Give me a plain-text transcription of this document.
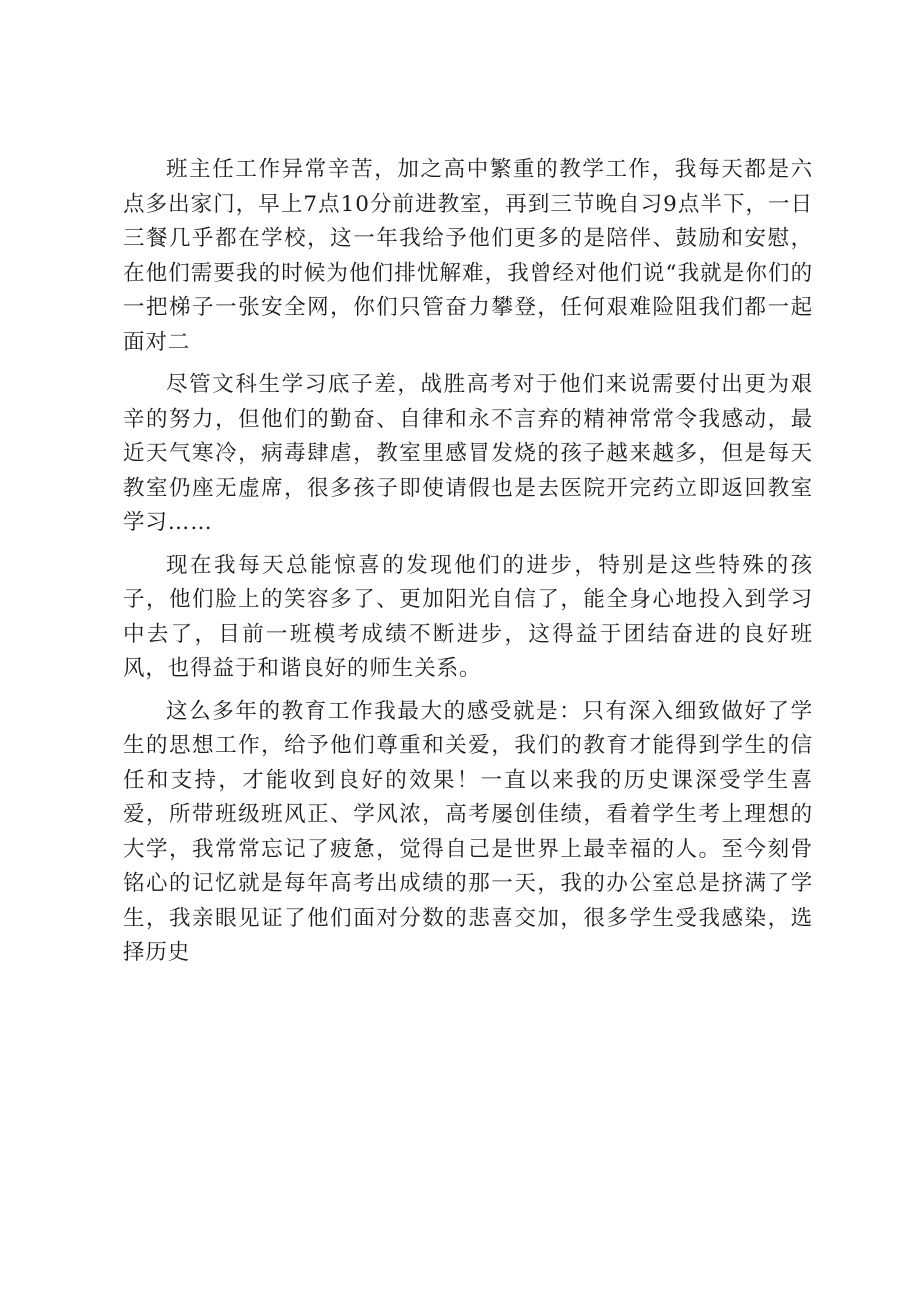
班主任工作异常辛苦，加之高中繁重的教学工作，我每天都是六点多出家门，早上7点10分前进教室，再到三节晚自习9点半下，一日三餐几乎都在学校，这一年我给予他们更多的是陪伴、鼓励和安慰，在他们需要我的时候为他们排忧解难，我曾经对他们说“我就是你们的一把梯子一张安全网，你们只管奋力攀登，任何艰难险阻我们都一起面对二

尽管文科生学习底子差，战胜高考对于他们来说需要付出更为艰辛的努力，但他们的勤奋、自律和永不言弃的精神常常令我感动，最近天气寒冷，病毒肆虐，教室里感冒发烧的孩子越来越多，但是每天教室仍座无虚席，很多孩子即使请假也是去医院开完药立即返回教室学习……

现在我每天总能惊喜的发现他们的进步，特别是这些特殊的孩子，他们脸上的笑容多了、更加阳光自信了，能全身心地投入到学习中去了，目前一班模考成绩不断进步，这得益于团结奋进的良好班风，也得益于和谐良好的师生关系。

这么多年的教育工作我最大的感受就是：只有深入细致做好了学生的思想工作，给予他们尊重和关爱，我们的教育才能得到学生的信任和支持，才能收到良好的效果！一直以来我的历史课深受学生喜爱，所带班级班风正、学风浓，高考屡创佳绩，看着学生考上理想的大学，我常常忘记了疲惫，觉得自己是世界上最幸福的人。至今刻骨铭心的记忆就是每年高考出成绩的那一天，我的办公室总是挤满了学生，我亲眼见证了他们面对分数的悲喜交加，很多学生受我感染，选择历史
